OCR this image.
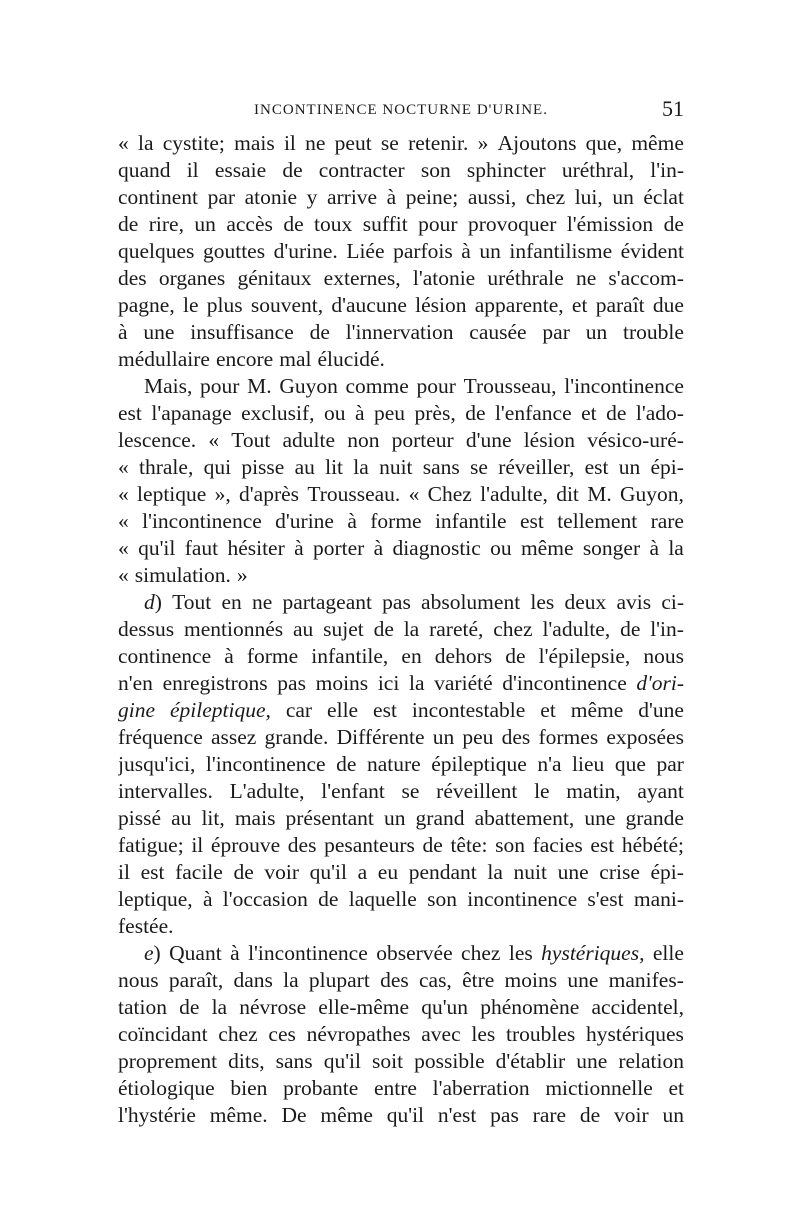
INCONTINENCE NOCTURNE D'URINE.	51
« la cystite; mais il ne peut se retenir. » Ajoutons que, même
quand il essaie de contracter son sphincter uréthral, l'in-
continent par atonie y arrive à peine; aussi, chez lui, un éclat
de rire, un accès de toux suffit pour provoquer l'émission de
quelques gouttes d'urine. Liée parfois à un infantilisme évident
des organes génitaux externes, l'atonie uréthrale ne s'accom-
pagne, le plus souvent, d'aucune lésion apparente, et paraît due
à une insuffisance de l'innervation causée par un trouble
médullaire encore mal élucidé.
Mais, pour M. Guyon comme pour Trousseau, l'incontinence
est l'apanage exclusif, ou à peu près, de l'enfance et de l'ado-
lescence. « Tout adulte non porteur d'une lésion vésico-uré-
« thrale, qui pisse au lit la nuit sans se réveiller, est un épi-
« leptique », d'après Trousseau. « Chez l'adulte, dit M. Guyon,
« l'incontinence d'urine à forme infantile est tellement rare
« qu'il faut hésiter à porter à diagnostic ou même songer à la
« simulation. »
d) Tout en ne partageant pas absolument les deux avis ci-
dessus mentionnés au sujet de la rareté, chez l'adulte, de l'in-
continence à forme infantile, en dehors de l'épilepsie, nous
n'en enregistrons pas moins ici la variété d'incontinence d'ori-
gine épileptique, car elle est incontestable et même d'une
fréquence assez grande. Différente un peu des formes exposées
jusqu'ici, l'incontinence de nature épileptique n'a lieu que par
intervalles. L'adulte, l'enfant se réveillent le matin, ayant
pissé au lit, mais présentant un grand abattement, une grande
fatigue; il éprouve des pesanteurs de tête: son facies est hébété;
il est facile de voir qu'il a eu pendant la nuit une crise épi-
leptique, à l'occasion de laquelle son incontinence s'est mani-
festée.
e) Quant à l'incontinence observée chez les hystériques, elle
nous paraît, dans la plupart des cas, être moins une manifes-
tation de la névrose elle-même qu'un phénomène accidentel,
coïncidant chez ces névropathes avec les troubles hystériques
proprement dits, sans qu'il soit possible d'établir une relation
étiologique bien probante entre l'aberration mictionnelle et
l'hystérie même. De même qu'il n'est pas rare de voir un
